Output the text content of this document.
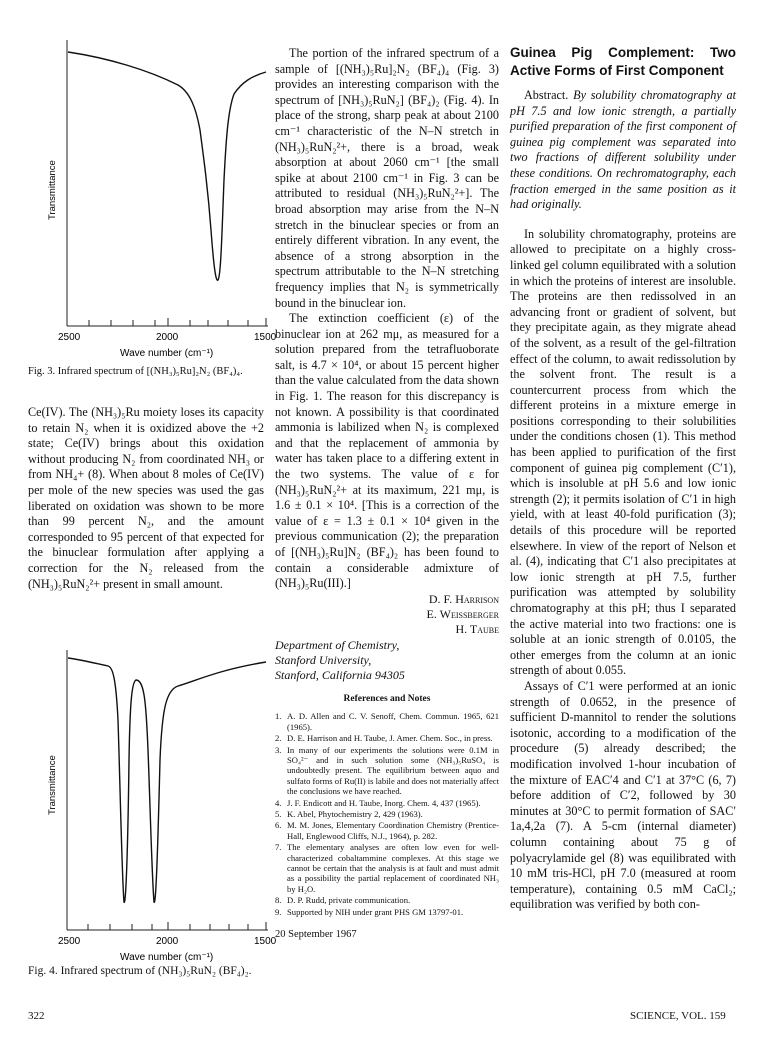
Transmittance
2500	2000	1500
Wave number (cm⁻¹)
Fig. 3. Infrared spectrum of [(NH₃)₅Ru]₂N₂ (BF₄)₄.
Ce(IV). The (NH₃)₅Ru moiety loses its capacity to retain N₂ when it is oxidized above the +2 state; Ce(IV) brings about this oxidation without producing N₂ from coordinated NH₃ or from NH₄+ (8). When about 8 moles of Ce(IV) per mole of the new species was used the gas liberated on oxidation was shown to be more than 99 percent N₂, and the amount corresponded to 95 percent of that expected for the binuclear formulation after applying a correction for the N₂ released from the (NH₃)₅RuN₂²+ present in small amount.
Transmittance
2500	2000	1500
Wave number (cm⁻¹)
Fig. 4. Infrared spectrum of (NH₃)₅RuN₂ (BF₄)₂.
322

The portion of the infrared spectrum of a sample of [(NH₃)₅Ru]₂N₂ (BF₄)₄ (Fig. 3) provides an interesting comparison with the spectrum of [NH₃)₅RuN₂] (BF₄)₂ (Fig. 4). In place of the strong, sharp peak at about 2100 cm⁻¹ characteristic of the N–N stretch in (NH₃)₅RuN₂²+, there is a broad, weak absorption at about 2060 cm⁻¹ [the small spike at about 2100 cm⁻¹ in Fig. 3 can be attributed to residual (NH₃)₅RuN₂²+]. The broad absorption may arise from the N–N stretch in the binuclear species or from an entirely different vibration. In any event, the absence of a strong absorption in the spectrum attributable to the N–N stretching frequency implies that N₂ is symmetrically bound in the binuclear ion.

The extinction coefficient (ε) of the binuclear ion at 262 mμ, as measured for a solution prepared from the tetrafluoborate salt, is 4.7 × 10⁴, or about 15 percent higher than the value calculated from the data shown in Fig. 1. The reason for this discrepancy is not known. A possibility is that coordinated ammonia is labilized when N₂ is complexed and that the replacement of ammonia by water has taken place to a differing extent in the two systems. The value of ε for (NH₃)₅RuN₂²+ at its maximum, 221 mμ, is 1.6 ± 0.1 × 10⁴. [This is a correction of the value of ε = 1.3 ± 0.1 × 10⁴ given in the previous communication (2); the preparation of [(NH₃)₅Ru]N₂ (BF₄)₂ has been found to contain a considerable admixture of (NH₃)₅Ru(III).]

D. F. Harrison
E. Weissberger
H. Taube
Department of Chemistry,
Stanford University,
Stanford, California 94305
References and Notes
1. A. D. Allen and C. V. Senoff, Chem. Commun. 1965, 621 (1965).
2. D. E. Harrison and H. Taube, J. Amer. Chem. Soc., in press.
3. In many of our experiments the solutions were 0.1M in SO₄²⁻ and in such solution some (NH₃)₅RuSO₄ is undoubtedly present. The equilibrium between aquo and sulfato forms of Ru(II) is labile and does not materially affect the conclusions we have reached.
4. J. F. Endicott and H. Taube, Inorg. Chem. 4, 437 (1965).
5. K. Abel, Phytochemistry 2, 429 (1963).
6. M. M. Jones, Elementary Coordination Chemistry (Prentice-Hall, Englewood Cliffs, N.J., 1964), p. 282.
7. The elementary analyses are often low even for well-characterized cobaltammine complexes. At this stage we cannot be certain that the analysis is at fault and must admit as a possibility the partial replacement of coordinated NH₃ by H₂O.
8. D. P. Rudd, private communication.
9. Supported by NIH under grant PHS GM 13797-01.
20 September 1967
Guinea Pig Complement: Two Active Forms of First Component

Abstract. By solubility chromatography at pH 7.5 and low ionic strength, a partially purified preparation of the first component of guinea pig complement was separated into two fractions of different solubility under these conditions. On rechromatography, each fraction emerged in the same position as it had originally.

In solubility chromatography, proteins are allowed to precipitate on a highly cross-linked gel column equilibrated with a solution in which the proteins of interest are insoluble. The proteins are then redissolved in an advancing front or gradient of solvent, but they precipitate again, as they migrate ahead of the solvent, as a result of the gel-filtration effect of the column, to await redissolution by the solvent front. The result is a countercurrent process from which the different proteins in a mixture emerge in positions corresponding to their solubilities under the conditions chosen (1). This method has been applied to purification of the first component of guinea pig complement (C′1), which is insoluble at pH 5.6 and low ionic strength (2); it permits isolation of C′1 in high yield, with at least 40-fold purification (3); details of this procedure will be reported elsewhere. In view of the report of Nelson et al. (4), indicating that C′1 also precipitates at low ionic strength at pH 7.5, further purification was attempted by solubility chromatography at this pH; thus I separated the active material into two fractions: one is soluble at an ionic strength of 0.0105, the other emerges from the column at an ionic strength of about 0.055.

Assays of C′1 were performed at an ionic strength of 0.0652, in the presence of sufficient D-mannitol to render the solutions isotonic, according to a modification of the procedure (5) already described; the modification involved 1-hour incubation of the mixture of EAC′4 and C′1 at 37°C (6, 7) before addition of C′2, followed by 30 minutes at 30°C to permit formation of SAC′ 1a,4,2a (7). A 5-cm (internal diameter) column containing about 75 g of polyacrylamide gel (8) was equilibrated with 10 mM tris-HCl, pH 7.0 (measured at room temperature), containing 0.5 mM CaCl₂; equilibration was verified by both con-

SCIENCE, VOL. 159
